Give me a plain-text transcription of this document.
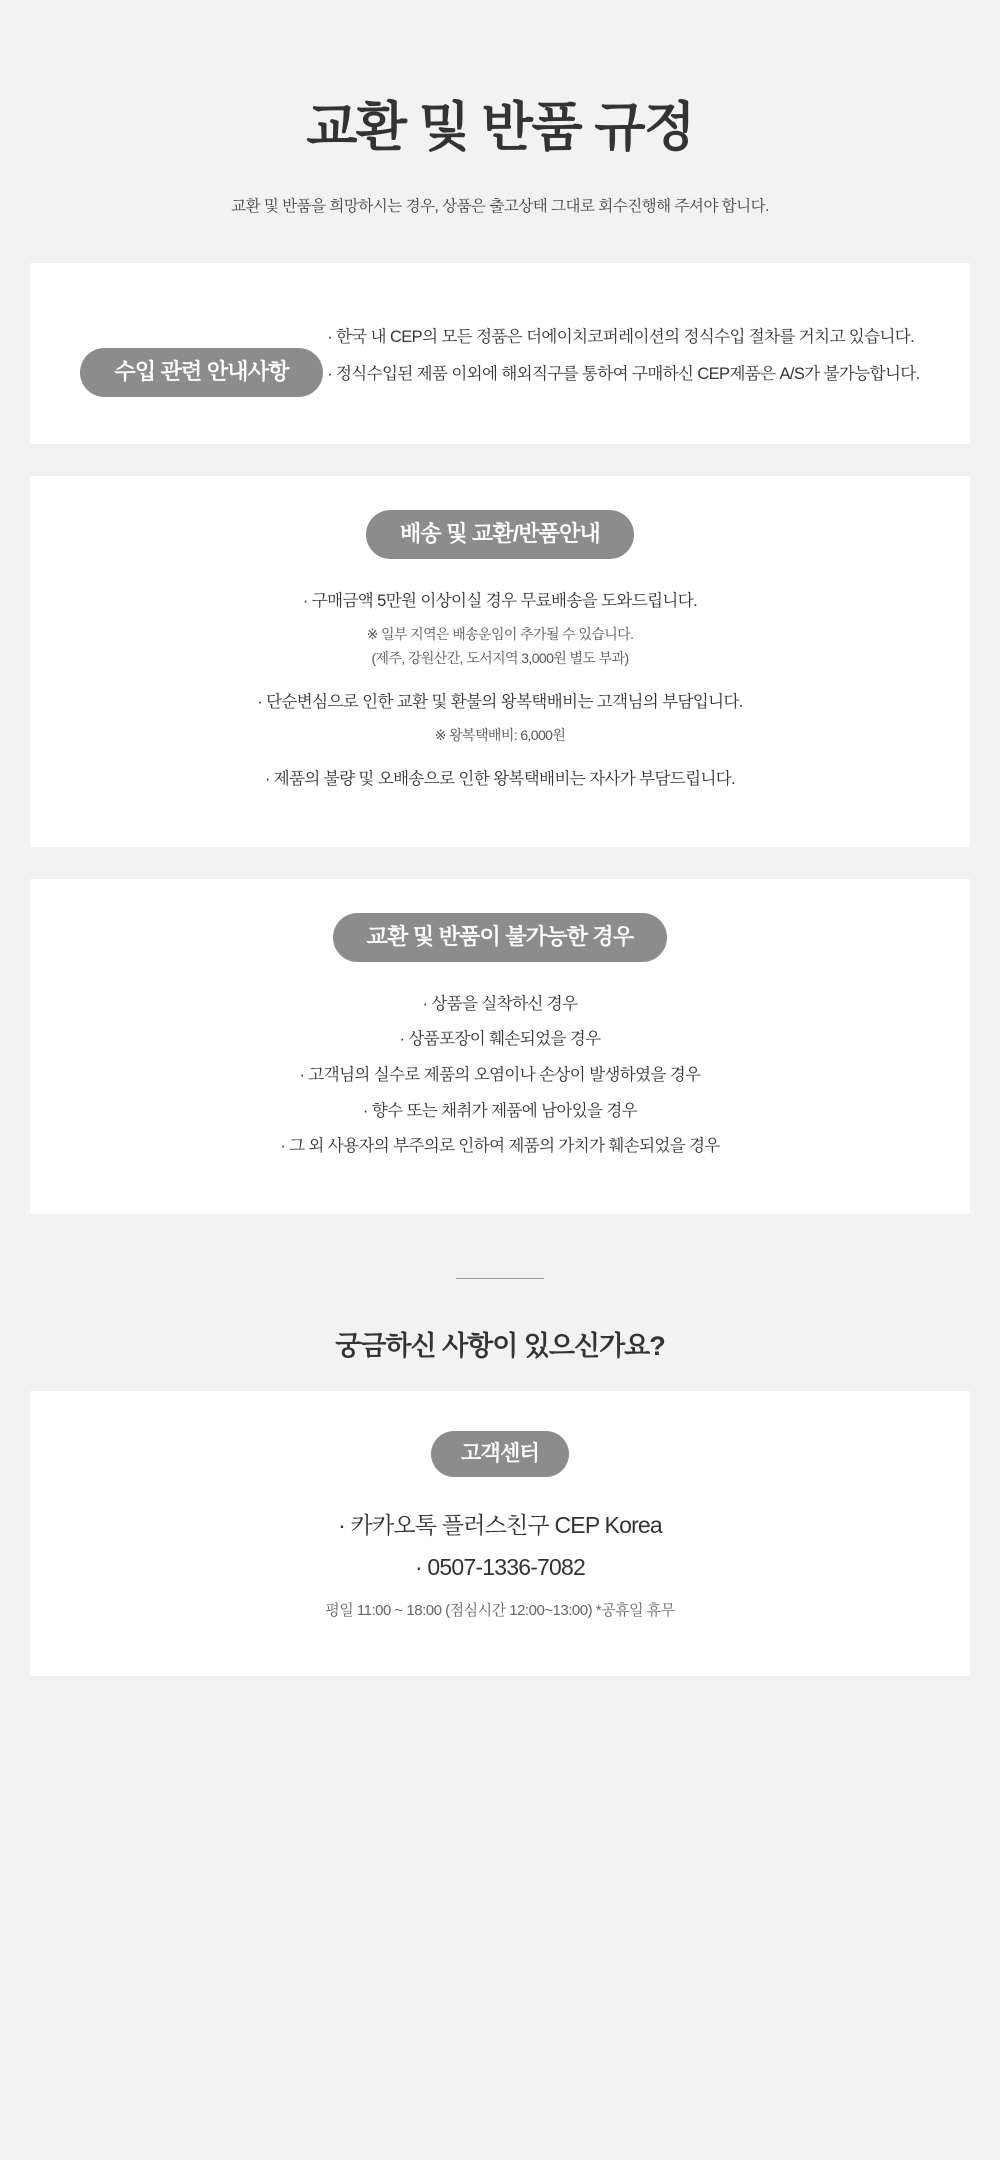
교환 및 반품 규정

교환 및 반품을 희망하시는 경우, 상품은 출고상태 그대로 회수진행해 주셔야 합니다.

수입 관련 안내사항

· 한국 내 CEP의 모든 정품은 더에이치코퍼레이션의 정식수입 절차를 거치고 있습니다.

· 정식수입된 제품 이외에 해외직구를 통하여 구매하신 CEP제품은 A/S가 불가능합니다.

배송 및 교환/반품안내

· 구매금액 5만원 이상이실 경우 무료배송을 도와드립니다.

※ 일부 지역은 배송운임이 추가될 수 있습니다.

(제주, 강원산간, 도서지역 3,000원 별도 부과)

· 단순변심으로 인한 교환 및 환불의 왕복택배비는 고객님의 부담입니다.

※ 왕복택배비: 6,000원

· 제품의 불량 및 오배송으로 인한 왕복택배비는 자사가 부담드립니다.

교환 및 반품이 불가능한 경우

· 상품을 실착하신 경우

· 상품포장이 훼손되었을 경우

· 고객님의 실수로 제품의 오염이나 손상이 발생하였을 경우

· 향수 또는 채취가 제품에 남아있을 경우

· 그 외 사용자의 부주의로 인하여 제품의 가치가 훼손되었을 경우

궁금하신 사항이 있으신가요?
고객센터

· 카카오톡 플러스친구 CEP Korea

· 0507-1336-7082

평일 11:00 ~ 18:00 (점심시간 12:00~13:00) *공휴일 휴무
